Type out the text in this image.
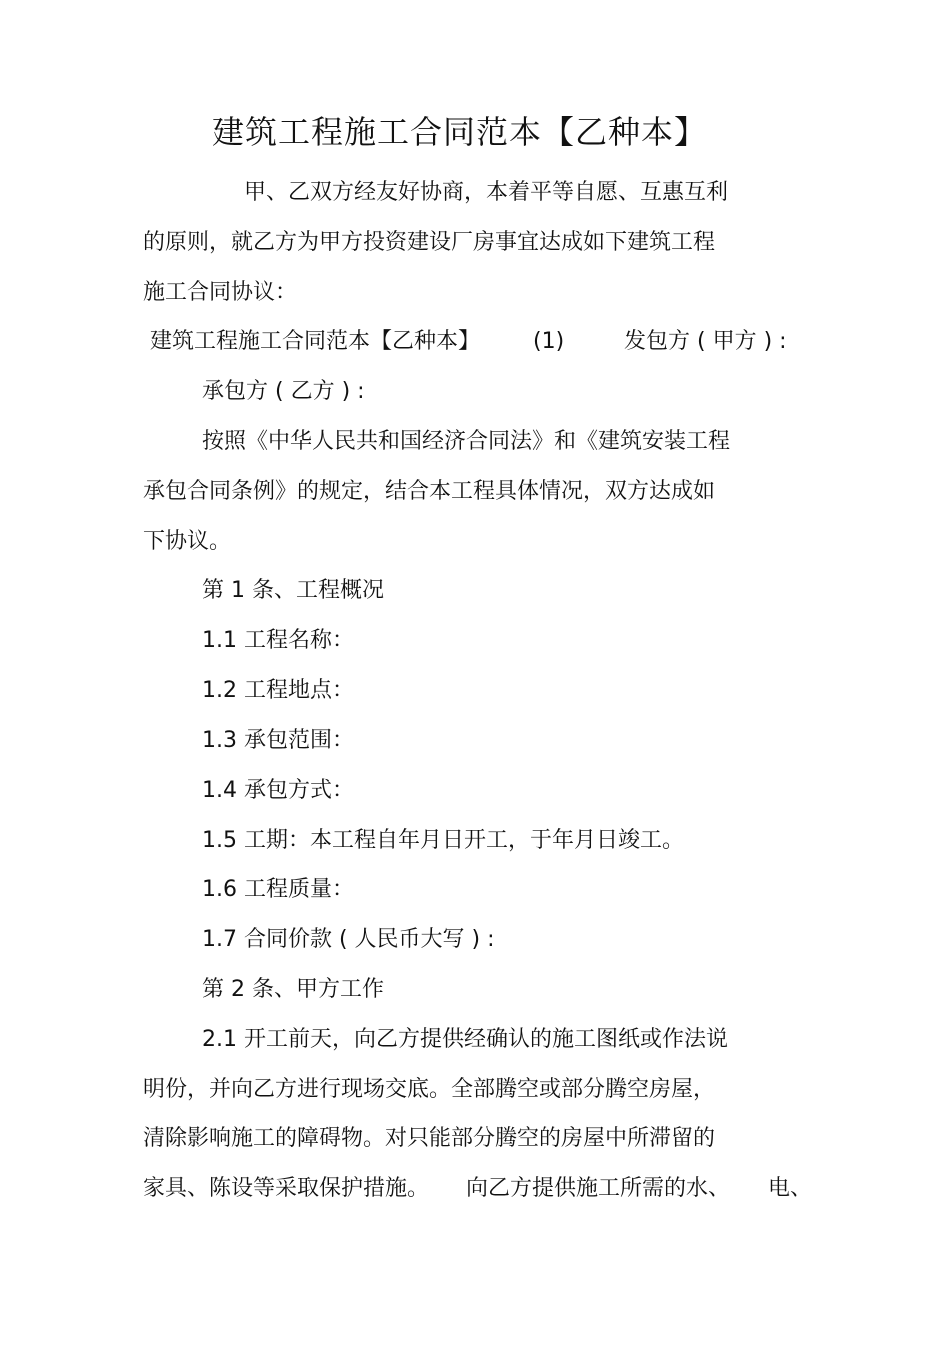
建筑工程施工合同范本【乙种本】
甲、乙双方经友好协商，本着平等自愿、互惠互利
的原则，就乙方为甲方投资建设厂房事宜达成如下建筑工程
施工合同协议：
建筑工程施工合同范本【乙种本】 (1)	发包方 ( 甲方 ) :
承包方 ( 乙方 ) :
按照《中华人民共和国经济合同法》和《建筑安装工程
承包合同条例》的规定，结合本工程具体情况，双方达成如
下协议。
第 1 条、工程概况
1.1 工程名称：
1.2 工程地点：
1.3 承包范围：
1.4 承包方式：
1.5 工期：本工程自年月日开工，于年月日竣工。
1.6 工程质量：
1.7 合同价款 ( 人民币大写 ) :
第 2 条、甲方工作
2.1 开工前天，向乙方提供经确认的施工图纸或作法说
明份，并向乙方进行现场交底。全部腾空或部分腾空房屋，
清除影响施工的障碍物。对只能部分腾空的房屋中所滞留的
家具、陈设等采取保护措施。 向乙方提供施工所需的水、 电、
